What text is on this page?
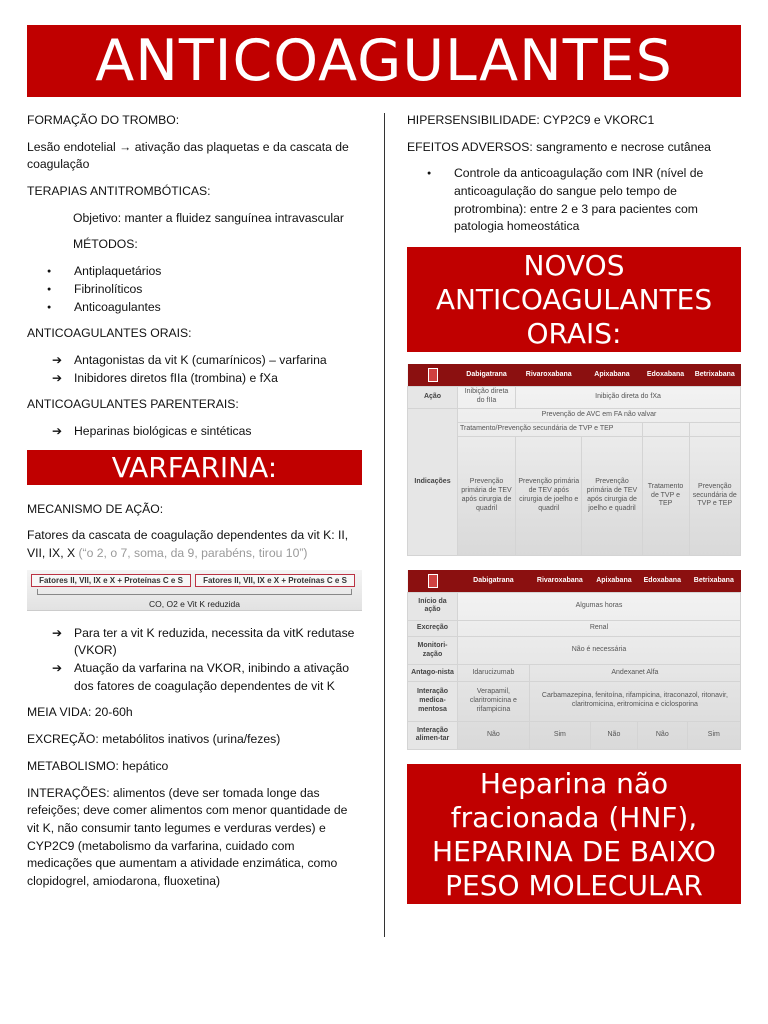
ANTICOAGULANTES

FORMAÇÃO DO TROMBO:

Lesão endotelial → ativação das plaquetas e da cascata de coagulação

TERAPIAS ANTITROMBÓTICAS:

Objetivo: manter a fluidez sanguínea intravascular

MÉTODOS:

● Antiplaquetários
● Fibrinolíticos
● Anticoagulantes

ANTICOAGULANTES ORAIS:

➔ Antagonistas da vit K (cumarínicos) – varfarina
➔ Inibidores diretos fIIa (trombina) e fXa

ANTICOAGULANTES PARENTERAIS:

➔ Heparinas biológicas e sintéticas
VARFARINA:

MECANISMO DE AÇÃO:

Fatores da cascata de coagulação dependentes da vit K: II, VII, IX, X (“o 2, o 7, soma, da 9, parabéns, tirou 10”)

Fatores II, VII, IX e X + Proteínas C e S	Fatores II, VII, IX e X + Proteínas C e S
CO, O2 e Vit K reduzida
➔ Para ter a vit K reduzida, necessita da vitK redutase (VKOR)
➔ Atuação da varfarina na VKOR, inibindo a ativação dos fatores de coagulação dependentes de vit K

MEIA VIDA: 20-60h

EXCREÇÃO: metabólitos inativos (urina/fezes)

METABOLISMO: hepático

INTERAÇÕES: alimentos (deve ser tomada longe das refeições; deve comer alimentos com menor quantidade de vit K, não consumir tanto legumes e verduras verdes) e CYP2C9 (metabolismo da varfarina, cuidado com medicações que aumentam a atividade enzimática, como clopidogrel, amiodarona, fluoxetina)

HIPERSENSIBILIDADE: CYP2C9 e VKORC1

EFEITOS ADVERSOS: sangramento e necrose cutânea

● Controle da anticoagulação com INR (nível de anticoagulação do sangue pelo tempo de protrombina): entre 2 e 3 para pacientes com patologia homeostática
NOVOS ANTICOAGULANTES ORAIS:
	Dabigatrana	Rivaroxabana	Apixabana	Edoxabana	Betrixabana
Ação	Inibição direta do fIIa	Inibição direta do fXa			
Indicações	Prevenção de AVC em FA não valvar				
	Tratamento/Prevenção secundária de TVP e TEP				
	Prevenção primária de TEV após cirurgia de quadril	Prevenção primária de TEV após cirurgia de joelho e quadril	Prevenção primária de TEV após cirurgia de joelho e quadril	Tratamento de TVP e TEP	Prevenção secundária de TVP e TEP
	Dabigatrana	Rivaroxabana	Apixabana	Edoxabana	Betrixabana
Início da ação	Algumas horas				
Excreção	Renal				
Monitori-zação	Não é necessária				
Antago-nista	Idarucizumab	Andexanet Alfa			
Interação medica-mentosa	Verapamil, claritromicina e rifampicina	Carbamazepina, fenitoína, rifampicina, itraconazol, ritonavir, claritromicina, eritromicina e ciclosporina			
Interação alimen-tar	Não	Sim	Não	Não	Sim
Heparina não fracionada (HNF), HEPARINA DE BAIXO PESO MOLECULAR
